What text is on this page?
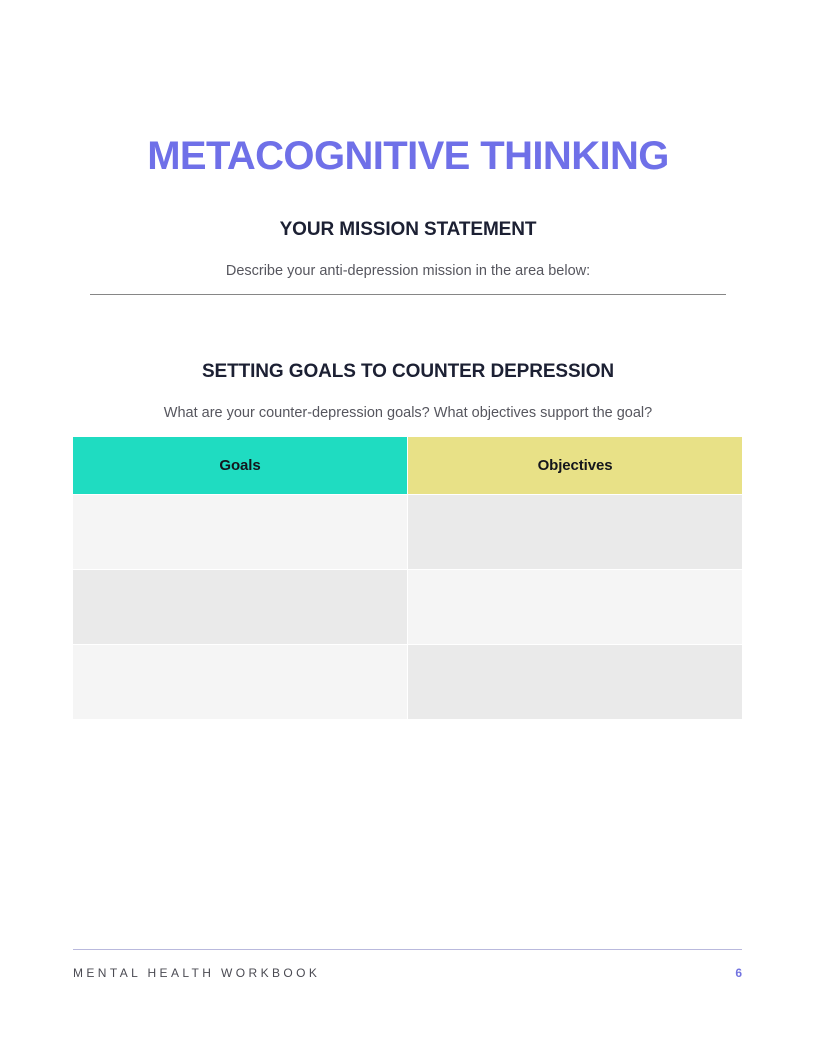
METACOGNITIVE THINKING
YOUR MISSION STATEMENT

Describe your anti-depression mission in the area below:

SETTING GOALS TO COUNTER DEPRESSION

What are your counter-depression goals? What objectives support the goal?

Goals	Objectives
MENTAL HEALTH WORKBOOK	6
